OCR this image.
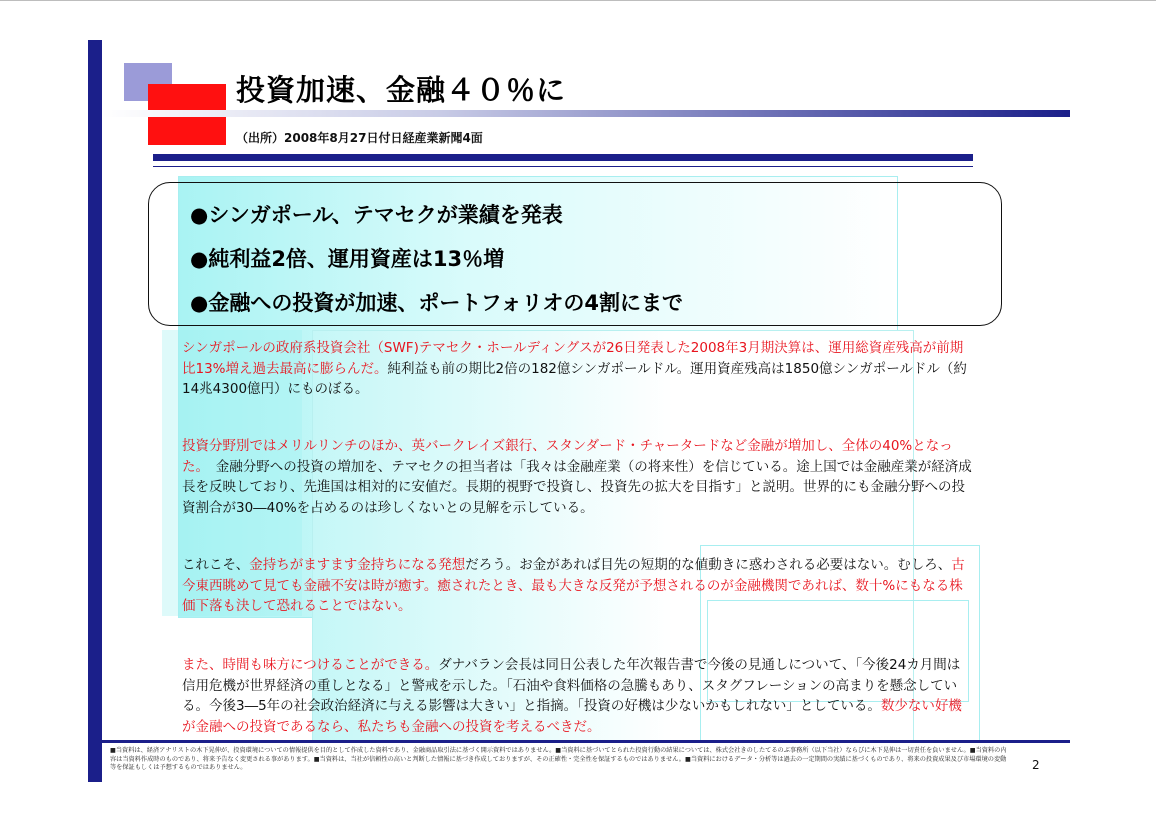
投資加速、金融４０％に
（出所）2008年8月27日付日経産業新聞4面

●シンガポール、テマセクが業績を発表

●純利益2倍、運用資産は13％増

●金融への投資が加速、ポートフォリオの4割にまで

シンガポールの政府系投資会社（SWF)テマセク・ホールディングスが26日発表した2008年3月期決算は、運用総資産残高が前期比13%増え過去最高に膨らんだ。純利益も前の期比2倍の182億シンガポールドル。運用資産残高は1850億シンガポールドル（約14兆4300億円）にものぼる。

投資分野別ではメリルリンチのほか、英バークレイズ銀行、スタンダード・チャータードなど金融が増加し、全体の40%となった。　金融分野への投資の増加を、テマセクの担当者は「我々は金融産業（の将来性）を信じている。途上国では金融産業が経済成長を反映しており、先進国は相対的に安値だ。長期的視野で投資し、投資先の拡大を目指す」と説明。世界的にも金融分野への投資割合が30―40%を占めるのは珍しくないとの見解を示している。

これこそ、金持ちがますます金持ちになる発想だろう。お金があれば目先の短期的な値動きに惑わされる必要はない。むしろ、古今東西眺めて見ても金融不安は時が癒す。癒されたとき、最も大きな反発が予想されるのが金融機関であれば、数十%にもなる株価下落も決して恐れることではない。

また、時間も味方につけることができる。ダナバラン会長は同日公表した年次報告書で今後の見通しについて、「今後24カ月間は信用危機が世界経済の重しとなる」と警戒を示した。「石油や食料価格の急騰もあり、スタグフレーションの高まりを懸念している。今後3―5年の社会政治経済に与える影響は大きい」と指摘。「投資の好機は少ないかもしれない」としている。数少ない好機が金融への投資であるなら、私たちも金融への投資を考えるべきだ。

■当資料は、経済アナリストの木下晃伸が、投資環境についての情報提供を目的として作成した資料であり、金融商品取引法に基づく開示資料ではありません。■当資料に基づいてとられた投資行動の結果については、株式会社きのしたてるのぶ事務所（以下当社）ならびに木下晃伸は一切責任を負いません。■当資料の内容は当資料作成時のものであり、将来予告なく変更される事があります。■当資料は、当社が信頼性の高いと判断した情報に基づき作成しておりますが、その正確性・完全性を保証するものではありません。■当資料におけるデータ・分析等は過去の一定期間の実績に基づくものであり、将来の投資成果及び市場環境の変動等を保証もしくは予想するものではありません。	2
